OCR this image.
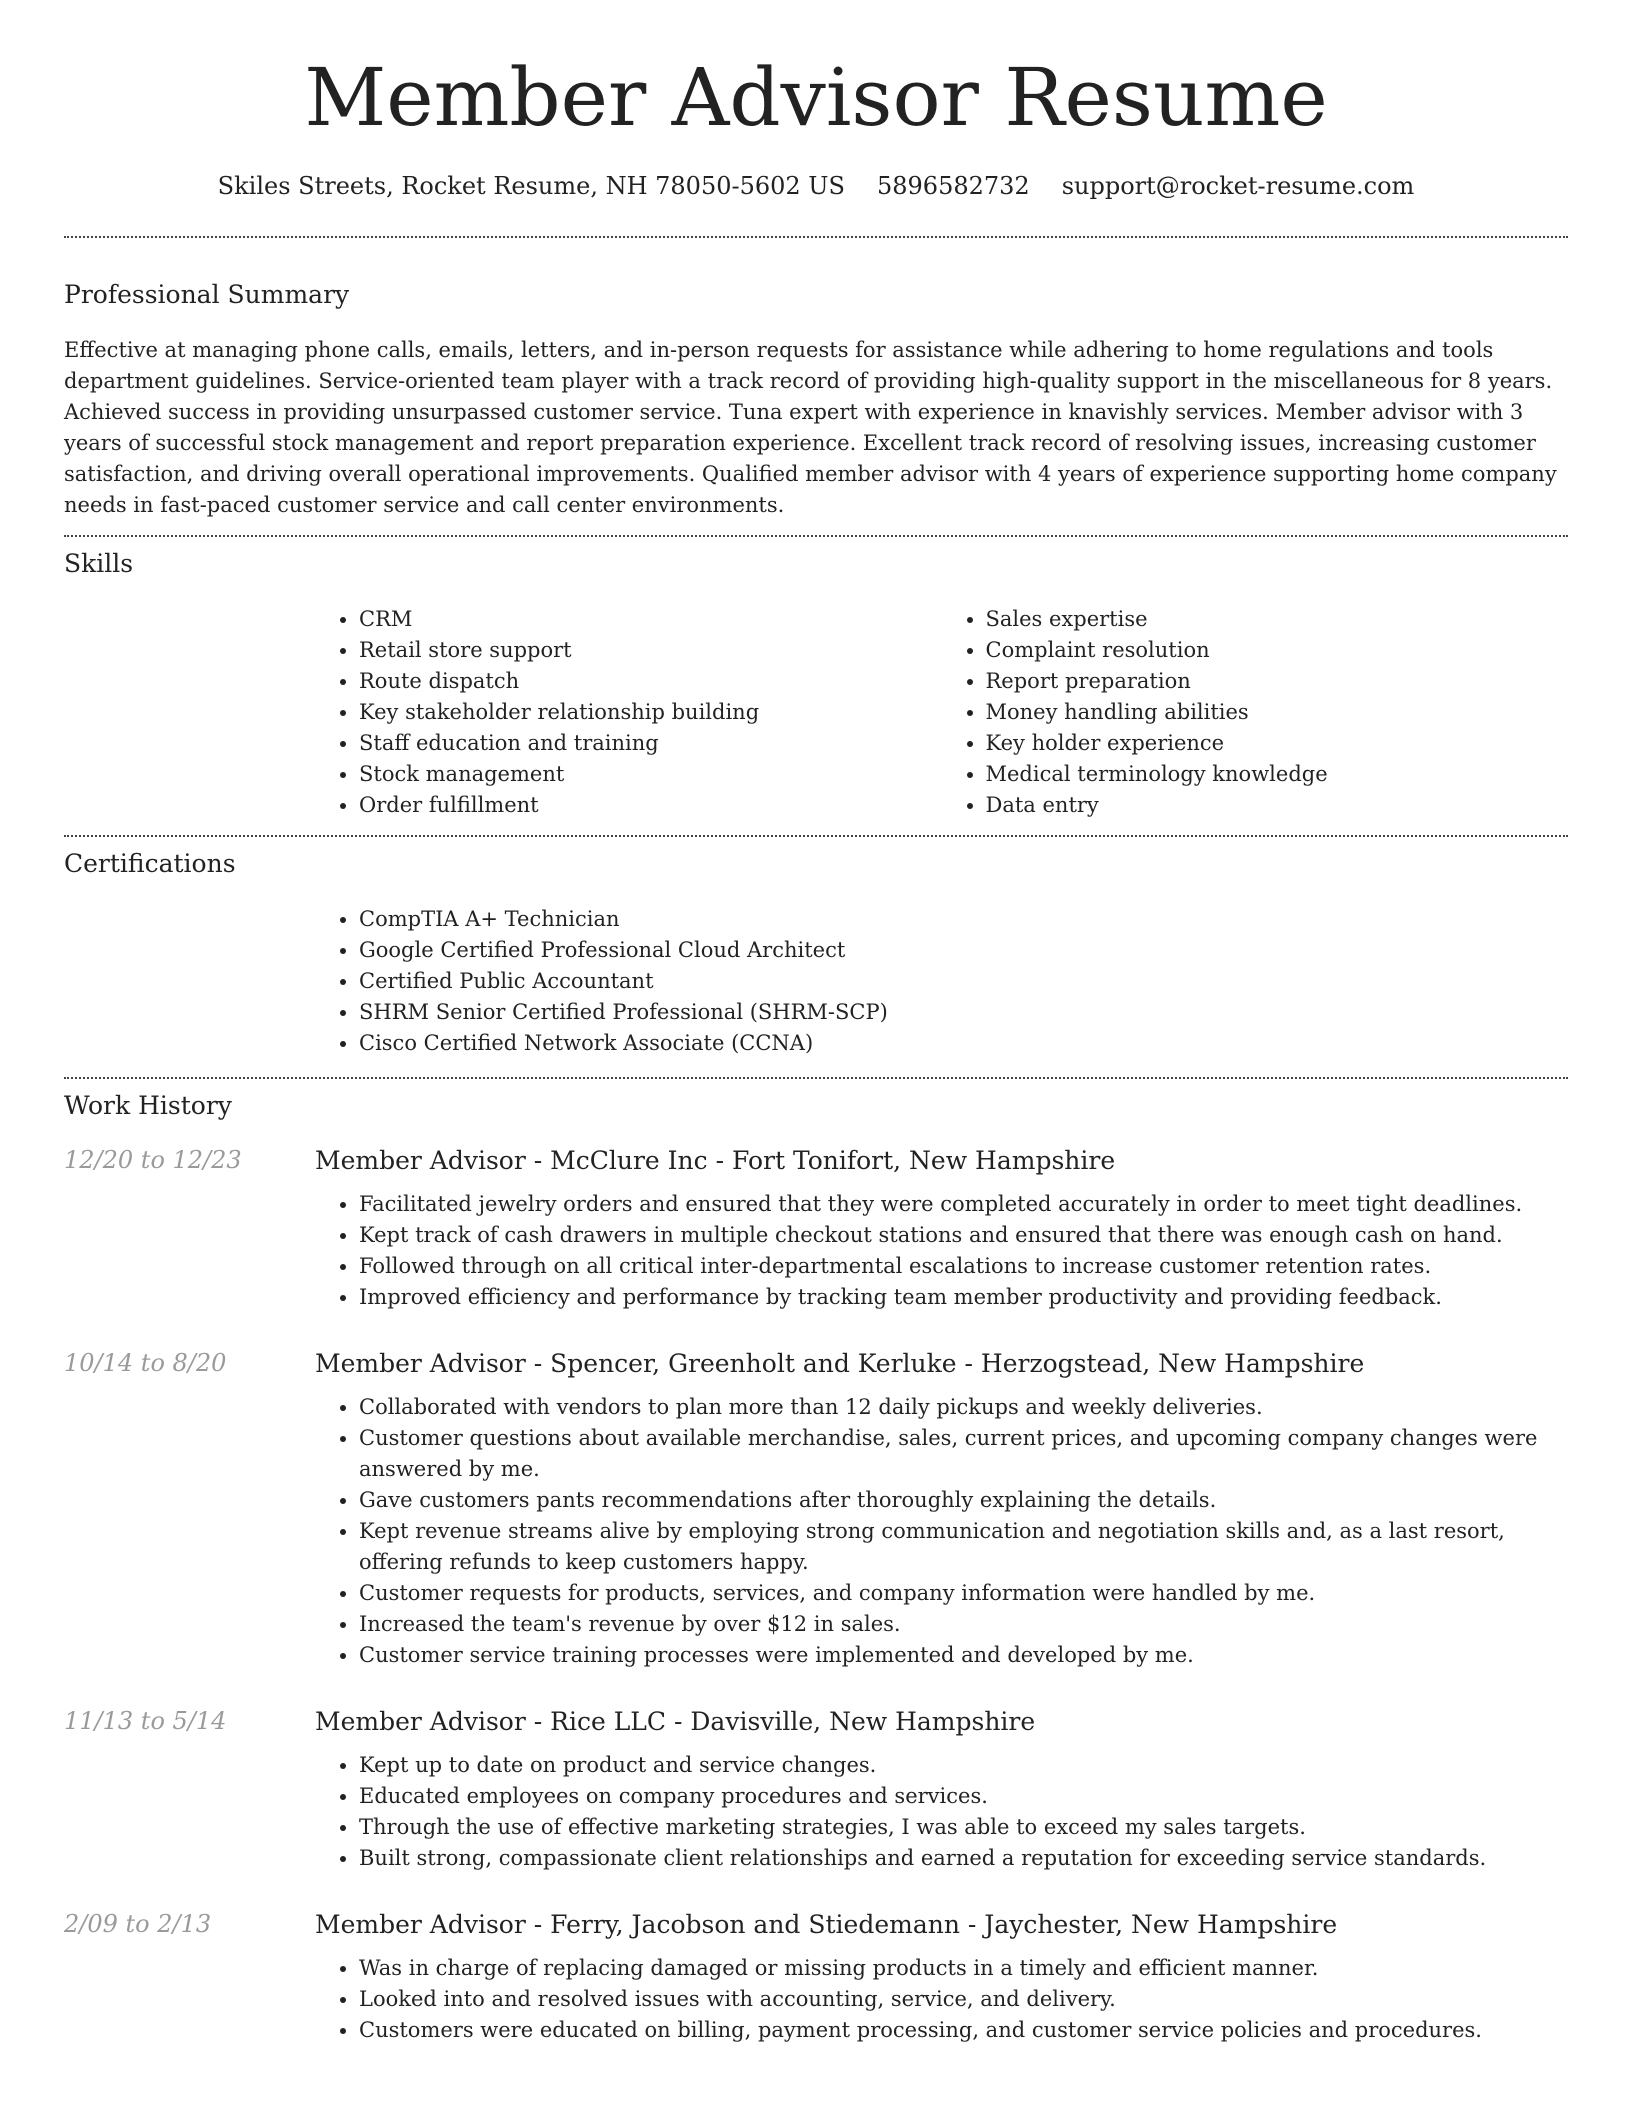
Member Advisor Resume
Skiles Streets, Rocket Resume, NH 78050-5602 US 5896582732 support@rocket-resume.com
Professional Summary

Effective at managing phone calls, emails, letters, and in-person requests for assistance while adhering to home regulations and tools department guidelines. Service-oriented team player with a track record of providing high-quality support in the miscellaneous for 8 years. Achieved success in providing unsurpassed customer service. Tuna expert with experience in knavishly services. Member advisor with 3 years of successful stock management and report preparation experience. Excellent track record of resolving issues, increasing customer satisfaction, and driving overall operational improvements. Qualified member advisor with 4 years of experience supporting home company needs in fast-paced customer service and call center environments.

Skills
• CRM
• Retail store support
• Route dispatch
• Key stakeholder relationship building
• Staff education and training
• Stock management
• Order fulfillment
• Sales expertise
• Complaint resolution
• Report preparation
• Money handling abilities
• Key holder experience
• Medical terminology knowledge
• Data entry
Certifications
• CompTIA A+ Technician
• Google Certified Professional Cloud Architect
• Certified Public Accountant
• SHRM Senior Certified Professional (SHRM-SCP)
• Cisco Certified Network Associate (CCNA)
Work History
12/20 to 12/23	Member Advisor - McClure Inc - Fort Tonifort, New Hampshire
• Facilitated jewelry orders and ensured that they were completed accurately in order to meet tight deadlines.
• Kept track of cash drawers in multiple checkout stations and ensured that there was enough cash on hand.
• Followed through on all critical inter-departmental escalations to increase customer retention rates.
• Improved efficiency and performance by tracking team member productivity and providing feedback.
10/14 to 8/20	Member Advisor - Spencer, Greenholt and Kerluke - Herzogstead, New Hampshire
• Collaborated with vendors to plan more than 12 daily pickups and weekly deliveries.
• Customer questions about available merchandise, sales, current prices, and upcoming company changes were answered by me.
• Gave customers pants recommendations after thoroughly explaining the details.
• Kept revenue streams alive by employing strong communication and negotiation skills and, as a last resort, offering refunds to keep customers happy.
• Customer requests for products, services, and company information were handled by me.
• Increased the team's revenue by over $12 in sales.
• Customer service training processes were implemented and developed by me.
11/13 to 5/14	Member Advisor - Rice LLC - Davisville, New Hampshire
• Kept up to date on product and service changes.
• Educated employees on company procedures and services.
• Through the use of effective marketing strategies, I was able to exceed my sales targets.
• Built strong, compassionate client relationships and earned a reputation for exceeding service standards.
2/09 to 2/13	Member Advisor - Ferry, Jacobson and Stiedemann - Jaychester, New Hampshire
• Was in charge of replacing damaged or missing products in a timely and efficient manner.
• Looked into and resolved issues with accounting, service, and delivery.
• Customers were educated on billing, payment processing, and customer service policies and procedures.
